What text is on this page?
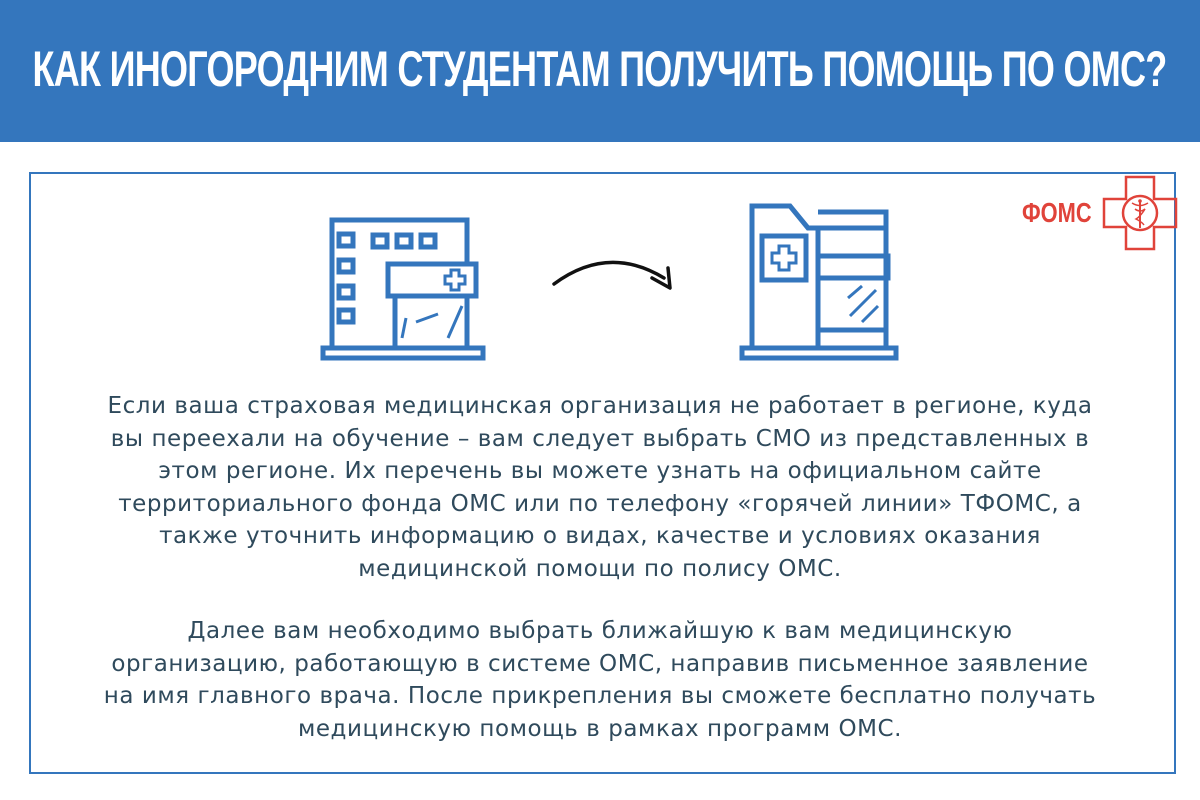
КАК ИНОГОРОДНИМ СТУДЕНТАМ ПОЛУЧИТЬ ПОМОЩЬ ПО ОМС?
ФОМС

Если ваша страховая медицинская организация не работает в регионе, куда
вы переехали на обучение – вам следует выбрать СМО из представленных в
этом регионе. Их перечень вы можете узнать на официальном сайте
территориального фонда ОМС или по телефону «горячей линии» ТФОМС, а
также уточнить информацию о видах, качестве и условиях оказания
медицинской помощи по полису ОМС.

Далее вам необходимо выбрать ближайшую к вам медицинскую
организацию, работающую в системе ОМС, направив письменное заявление
на имя главного врача. После прикрепления вы сможете бесплатно получать
медицинскую помощь в рамках программ ОМС.
